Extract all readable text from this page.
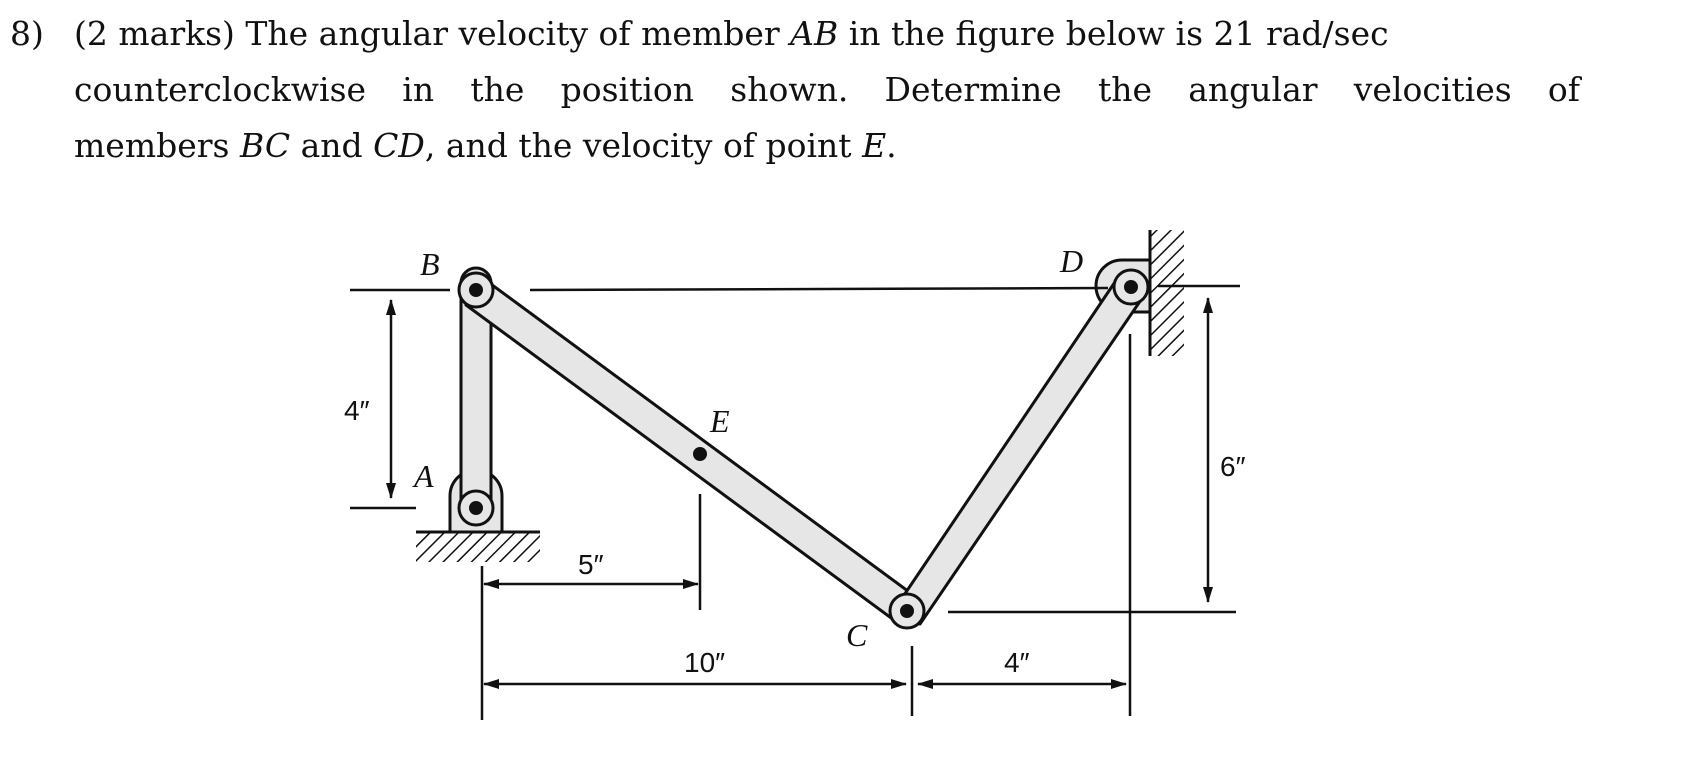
8) (2 marks) The angular velocity of member AB in the figure below is 21 rad/sec
counterclockwise in the position shown. Determine the angular velocities of
members BC and CD, and the velocity of point E.
B
A
E
C
D
4″
6″
5″
10″	4″
